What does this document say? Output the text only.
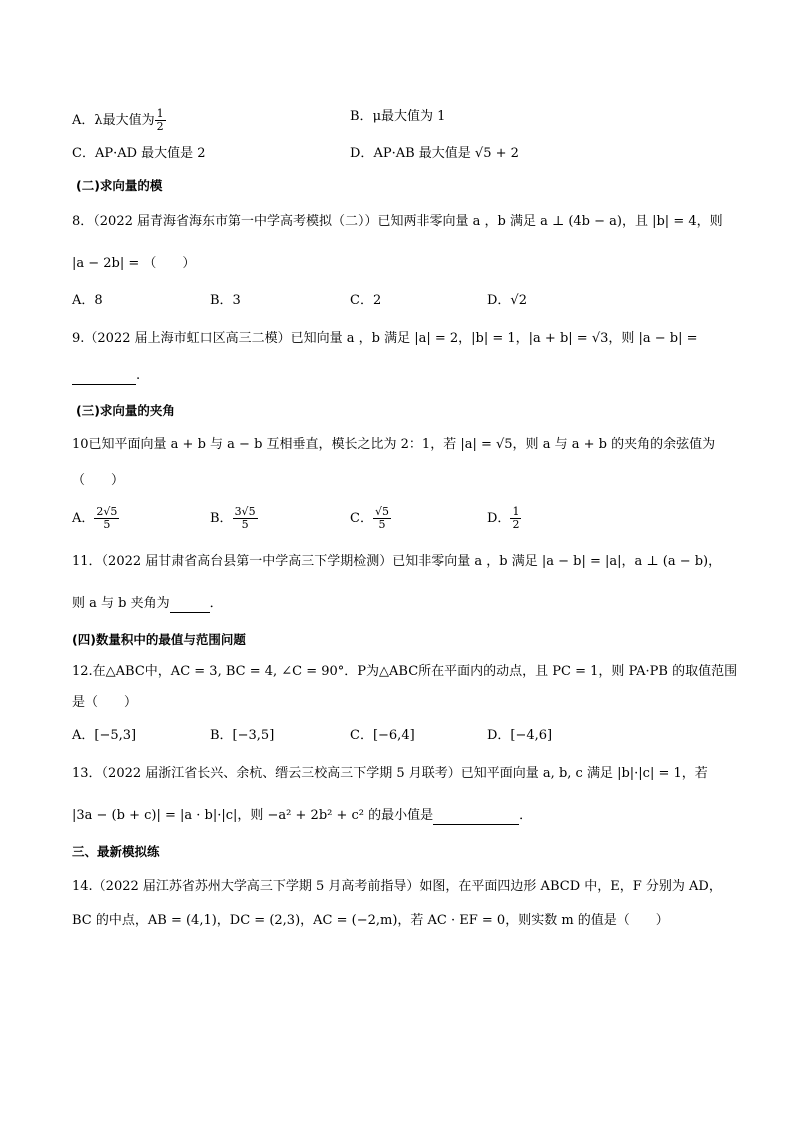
A．λ最大值为 $\frac{1}{2}$	B．μ最大值为 1
C．AP·AD 最大值是 2	D．AP·AB 最大值是 √5 + 2
(二)求向量的模
8．（2022 届青海省海东市第一中学高考模拟（二））已知两非零向量 a ，b 满足 a ⊥ (4b − a)，且 |b| = 4，则
|a − 2b| = （　　）
A．8	B．3	C．2	D．√2
9.（2022 届上海市虹口区高三二模）已知向量 a ，b 满足 |a| = 2，|b| = 1，|a + b| = √3，则 |a − b| =
.
(三)求向量的夹角
10已知平面向量 a + b 与 a − b 互相垂直，模长之比为 2：1，若 |a| = √5，则 a 与 a + b 的夹角的余弦值为
（　　）
A． $\frac{2√5}{5}$	B． $\frac{3√5}{5}$	C． $\frac{√5}{5}$	D． $\frac{1}{2}$
11．（2022 届甘肃省高台县第一中学高三下学期检测）已知非零向量 a ，b 满足 |a − b| = |a|，a ⊥ (a − b)，
则 a 与 b 夹角为	．
(四)数量积中的最值与范围问题
12.在△ABC中，AC = 3, BC = 4, ∠C = 90°．P为△ABC所在平面内的动点，且 PC = 1，则 PA·PB 的取值范围
是（　　）
A．[−5,3]	B．[−3,5]	C．[−6,4]	D．[−4,6]
13．（2022 届浙江省长兴、余杭、缙云三校高三下学期 5 月联考）已知平面向量 a, b, c 满足 |b|·|c| = 1，若
|3a − (b + c)| = |a · b|·|c|，则 −a² + 2b² + c² 的最小值是	．
三、最新模拟练
14.（2022 届江苏省苏州大学高三下学期 5 月高考前指导）如图，在平面四边形 ABCD 中，E，F 分别为 AD，
BC 的中点，AB = (4,1)，DC = (2,3)，AC = (−2,m)，若 AC · EF = 0，则实数 m 的值是（　　）
